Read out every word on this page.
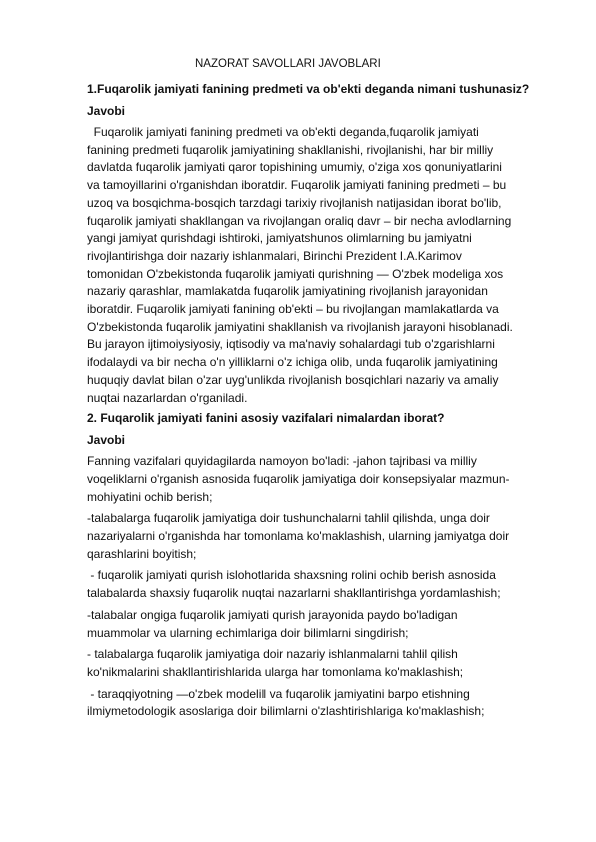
NAZORAT SAVOLLARI JAVOBLARI
1.Fuqarolik jamiyati fanining predmeti va ob'ekti deganda nimani tushunasiz?
Javobi
Fuqarolik jamiyati fanining predmeti va ob'ekti deganda,fuqarolik jamiyati
fanining predmeti fuqarolik jamiyatining shakllanishi, rivojlanishi, har bir milliy
davlatda fuqarolik jamiyati qaror topishining umumiy, o'ziga xos qonuniyatlarini
va tamoyillarini o'rganishdan iboratdir. Fuqarolik jamiyati fanining predmeti – bu
uzoq va bosqichma-bosqich tarzdagi tarixiy rivojlanish natijasidan iborat bo'lib,
fuqarolik jamiyati shakllangan va rivojlangan oraliq davr – bir necha avlodlarning
yangi jamiyat qurishdagi ishtiroki, jamiyatshunos olimlarning bu jamiyatni
rivojlantirishga doir nazariy ishlanmalari, Birinchi Prezident I.A.Karimov
tomonidan O'zbekistonda fuqarolik jamiyati qurishning — O'zbek modeliga xos
nazariy qarashlar, mamlakatda fuqarolik jamiyatining rivojlanish jarayonidan
iboratdir. Fuqarolik jamiyati fanining ob'ekti – bu rivojlangan mamlakatlarda va
O'zbekistonda fuqarolik jamiyatini shakllanish va rivojlanish jarayoni hisoblanadi.
Bu jarayon ijtimoiysiyosiy, iqtisodiy va ma'naviy sohalardagi tub o'zgarishlarni
ifodalaydi va bir necha o'n yilliklarni o'z ichiga olib, unda fuqarolik jamiyatining
huquqiy davlat bilan o'zar uyg'unlikda rivojlanish bosqichlari nazariy va amaliy
nuqtai nazarlardan o'rganiladi.
2. Fuqarolik jamiyati fanini asosiy vazifalari nimalardan iborat?
Javobi
Fanning vazifalari quyidagilarda namoyon bo'ladi: -jahon tajribasi va milliy
voqeliklarni o'rganish asnosida fuqarolik jamiyatiga doir konsepsiyalar mazmun-
mohiyatini ochib berish;
-talabalarga fuqarolik jamiyatiga doir tushunchalarni tahlil qilishda, unga doir
nazariyalarni o'rganishda har tomonlama ko'maklashish, ularning jamiyatga doir
qarashlarini boyitish;
- fuqarolik jamiyati qurish islohotlarida shaxsning rolini ochib berish asnosida
talabalarda shaxsiy fuqarolik nuqtai nazarlarni shakllantirishga yordamlashish;
-talabalar ongiga fuqarolik jamiyati qurish jarayonida paydo bo'ladigan
muammolar va ularning echimlariga doir bilimlarni singdirish;
- talabalarga fuqarolik jamiyatiga doir nazariy ishlanmalarni tahlil qilish
ko'nikmalarini shakllantirishlarida ularga har tomonlama ko'maklashish;
- taraqqiyotning —o'zbek modeli‖ va fuqarolik jamiyatini barpo etishning
ilmiymetodologik asoslariga doir bilimlarni o'zlashtirishlariga ko'maklashish;
